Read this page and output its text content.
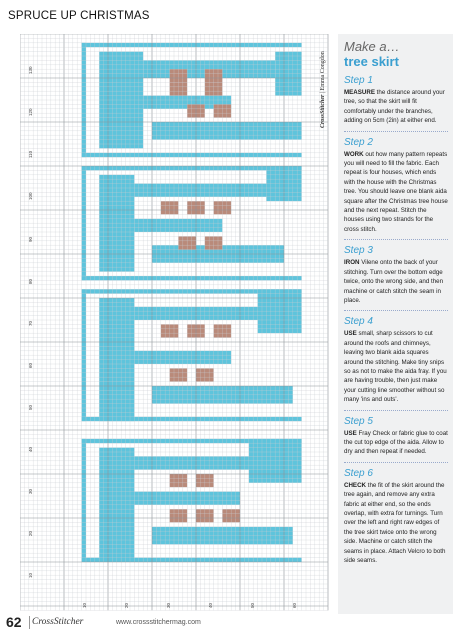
SPRUCE UP CHRISTMAS
130
120
110
100
90
80
70
60
50
40
30
20
10
10	20	30	40	50	60
CrossStitcher | Emma Congdon
Make a…
tree skirt
Step 1
MEASURE the distance around your tree, so that the skirt will fit comfortably under the branches, adding on 5cm (2in) at either end.
Step 2
WORK out how many pattern repeats you will need to fill the fabric. Each repeat is four houses, which ends with the house with the Christmas tree. You should leave one blank aida square after the Christmas tree house and the next repeat. Stitch the houses using two strands for the cross stitch.
Step 3
IRON Vilene onto the back of your stitching. Turn over the bottom edge twice, onto the wrong side, and then machine or catch stitch the seam in place.
Step 4
USE small, sharp scissors to cut around the roofs and chimneys, leaving two blank aida squares around the stitching. Make tiny snips so as not to make the aida fray. If you are having trouble, then just make your cutting line smoother without so many 'ins and outs'.
Step 5
USE Fray Check or fabric glue to coat the cut top edge of the aida. Allow to dry and then repeat if needed.
Step 6
CHECK the fit of the skirt around the tree again, and remove any extra fabric at either end, so the ends overlap, with extra for turnings. Turn over the left and right raw edges of the tree skirt twice onto the wrong side. Machine or catch stitch the seams in place. Attach Velcro to both side seams.
62 CrossStitcher	www.crossstitchermag.com
